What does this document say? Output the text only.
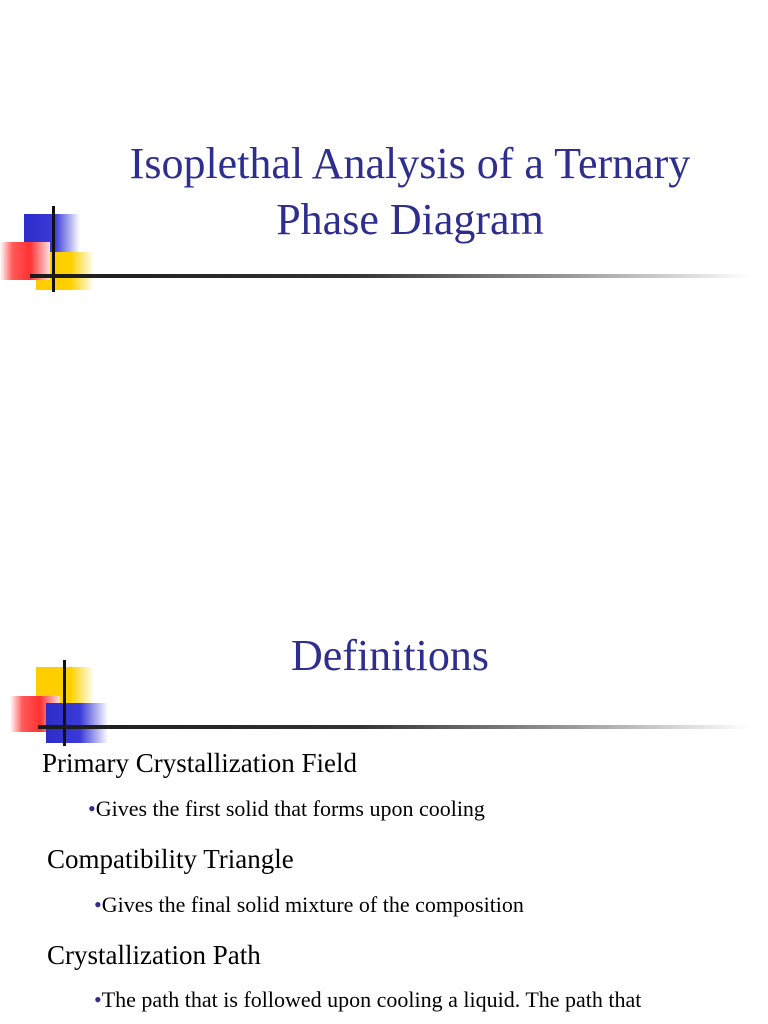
Isoplethal Analysis of a Ternary
Phase Diagram
Definitions
Primary Crystallization Field
•Gives the first solid that forms upon cooling
Compatibility Triangle
•Gives the final solid mixture of the composition
Crystallization Path
•The path that is followed upon cooling a liquid. The path that
